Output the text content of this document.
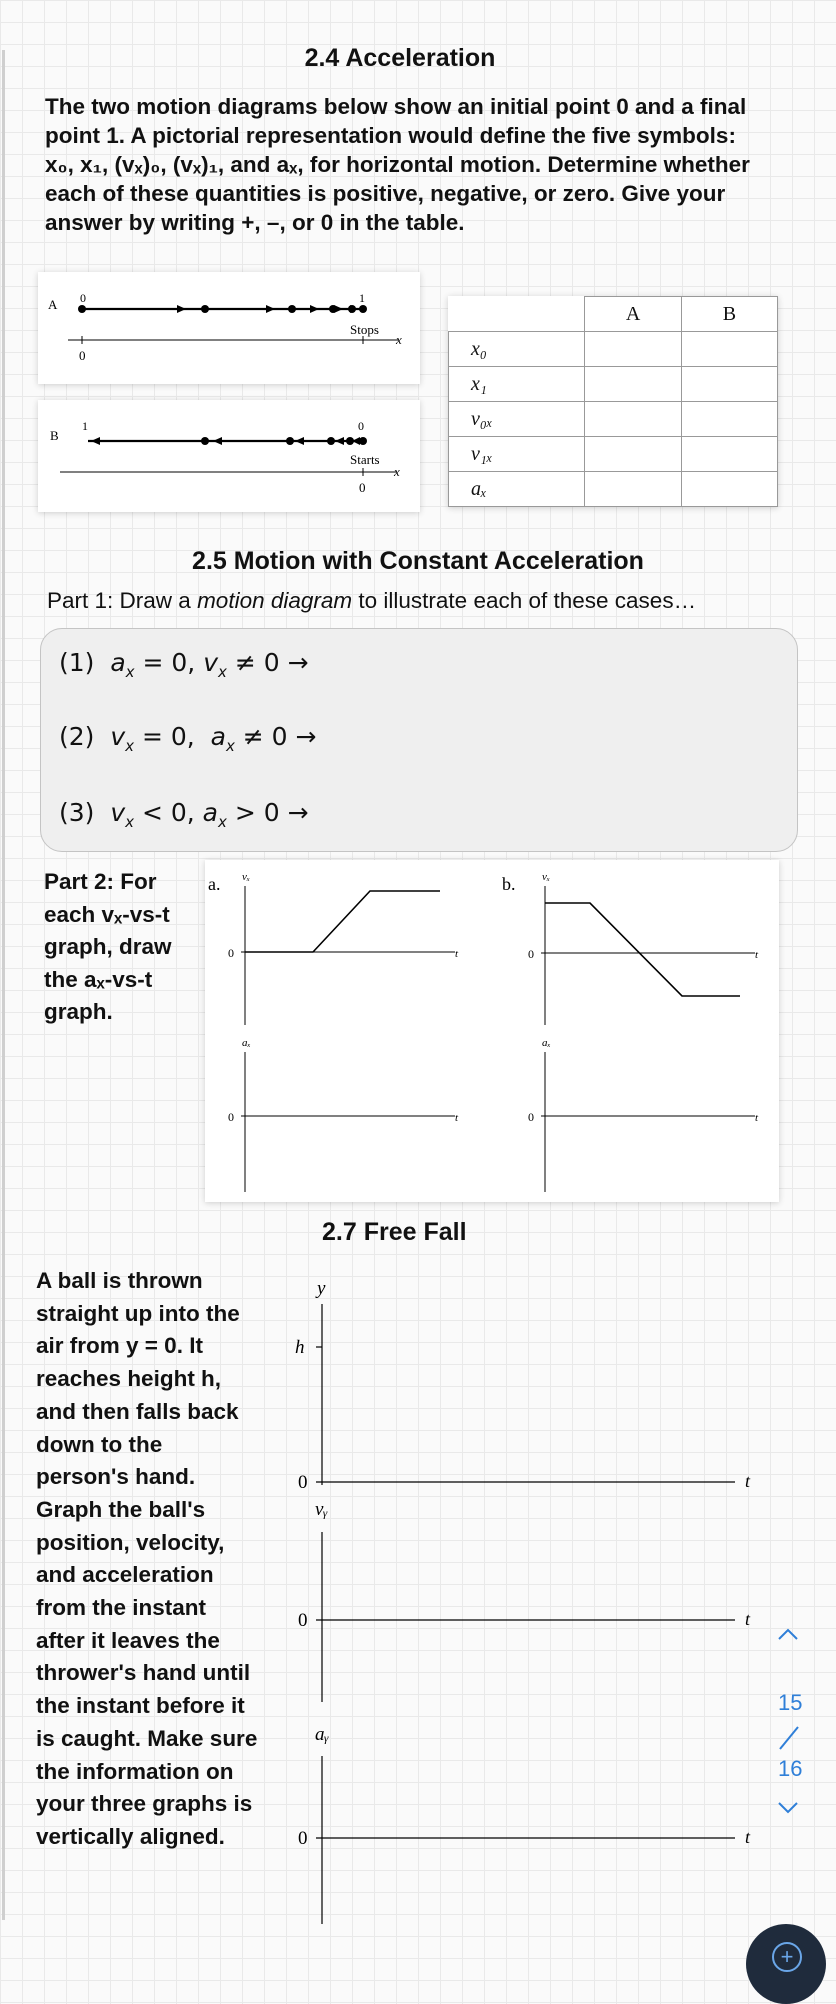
2.4 Acceleration
The two motion diagrams below show an initial point 0 and a final
point 1. A pictorial representation would define the five symbols:
x₀, x₁, (vₓ)₀, (vₓ)₁, and aₓ, for horizontal motion. Determine whether
each of these quantities is positive, negative, or zero. Give your
answer by writing +, –, or 0 in the table.
A 0	1
Stops
x
0
B
1	0
Starts
x
0
	A	B
x₀		
x₁		
v₀ₓ		
v₁ₓ		
aₓ		
2.5 Motion with Constant Acceleration
Part 1: Draw a motion diagram to illustrate each of these cases…
(1) $a_x = 0$, $v_x \ne 0$ →
(2) $v_x = 0$,  $a_x \ne 0$ →
(3) $v_x < 0$, $a_x > 0$ →
Part 2: For
each vₓ-vs-t
graph, draw
the aₓ-vs-t
graph.
a. vₓ
0	t
aₓ
0	t
b. vₓ
0	t
aₓ
0	t
2.7 Free Fall
A ball is thrown
straight up into the
air from y = 0. It
reaches height h,
and then falls back
down to the
person's hand.
Graph the ball's
position, velocity,
and acceleration
from the instant
after it leaves the
thrower's hand until
the instant before it
is caught. Make sure
the information on
your three graphs is
vertically aligned.
y
h
0	t
vᵧ
0	t
aᵧ
0	t
15
16
+
